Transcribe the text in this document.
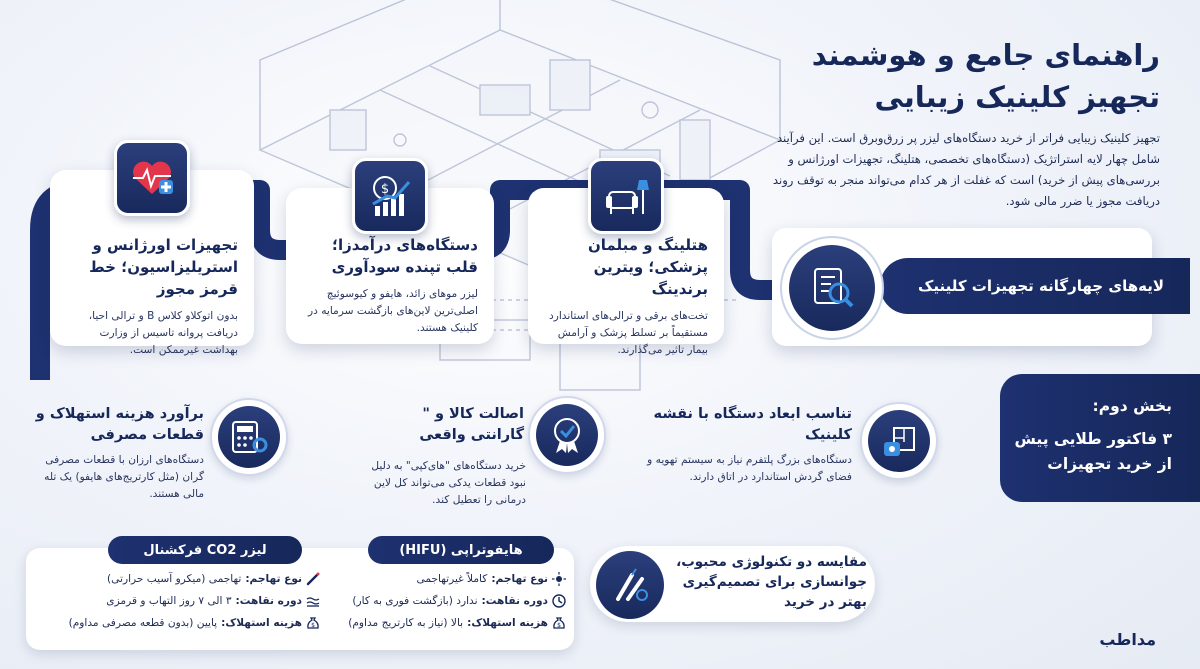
راهنمای جامع و هوشمند
تجهیز کلینیک زیبایی
تجهیز کلینیک زیبایی فراتر از خرید دستگاه‌های لیزر پر زرق‌وبرق است. این فرآیند شامل چهار لایه استراتژیک (دستگاه‌های تخصصی، هتلینگ، تجهیزات اورژانس و بررسی‌های پیش از خرید) است که غفلت از هر کدام می‌تواند منجر به توقف روند دریافت مجوز یا ضرر مالی شود.
تجهیزات اورژانس و استریلیزاسیون؛ خط قرمز مجوز
بدون اتوکلاو کلاس B و ترالی احیا، دریافت پروانه تاسیس از وزارت بهداشت غیرممکن است.
$
دستگاه‌های درآمدزا؛ قلب تپنده سودآوری
لیزر موهای زائد، هایفو و کیوسوئیچ اصلی‌ترین لاین‌های بازگشت سرمایه در کلینیک هستند.
هتلینگ و مبلمان پزشکی؛ ویترین برندینگ
تخت‌های برقی و ترالی‌های استاندارد مستقیماً بر تسلط پزشک و آرامش بیمار تاثیر می‌گذارند.
لایه‌های چهارگانه تجهیزات کلینیک
بخش دوم:
۳ فاکتور طلایی پیش
از خرید تجهیزات
تناسب ابعاد دستگاه با نقشه کلینیک
دستگاه‌های بزرگ پلتفرم نیاز به سیستم تهویه و فضای گردش استاندارد در اتاق دارند.
اصالت کالا و " گارانتی واقعی
خرید دستگاه‌های "های‌کپی" به دلیل نبود قطعات یدکی می‌تواند کل لاین درمانی را تعطیل کند.
برآورد هزینه استهلاک و قطعات مصرفی
دستگاه‌های ارزان با قطعات مصرفی گران (مثل کارتریج‌های هایفو) یک تله مالی هستند.
مقایسه دو تکنولوژی محبوب، جوانسازی برای تصمیم‌گیری بهتر در خرید
هایفوتراپی (HIFU)
نوع تهاجم:
کاملاً غیرتهاجمی
دوره نقاهت:
ندارد (بازگشت فوری به کار)
$
هزینه استهلاک:
بالا (نیاز به کارتریج مداوم)
لیزر CO2 فرکشنال
نوع تهاجم:
تهاجمی (میکرو آسیب حرارتی)
دوره نقاهت:
۳ الی ۷ روز التهاب و قرمزی
$
هزینه استهلاک:
پایین (بدون قطعه مصرفی مداوم)
مداطب
